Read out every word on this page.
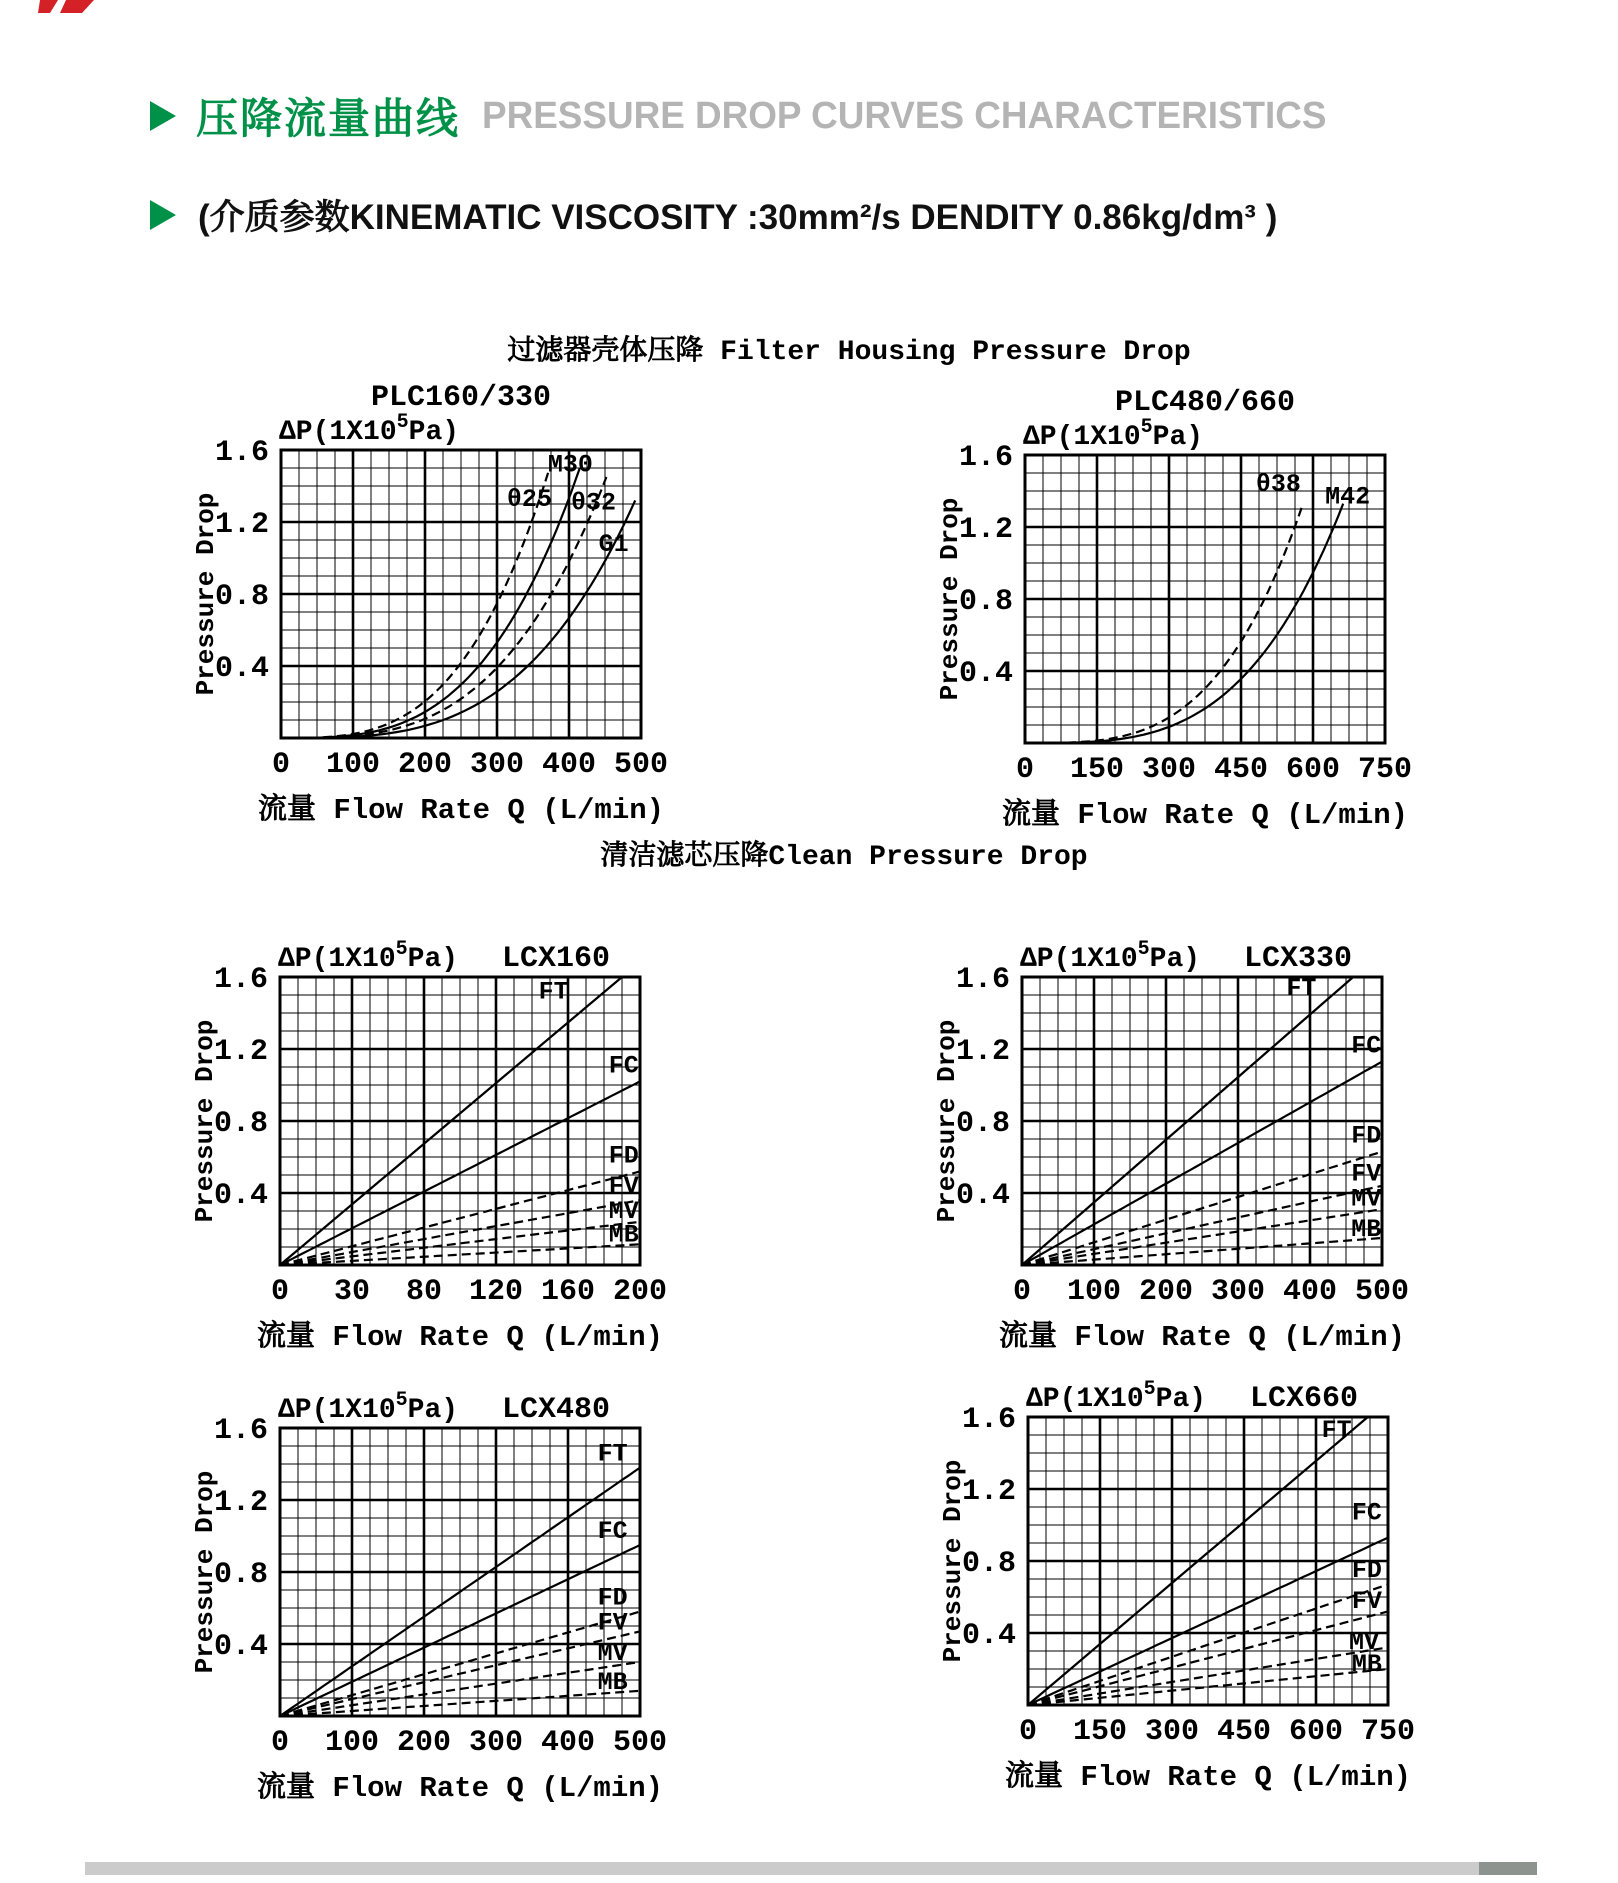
压降流量曲线 PRESSURE DROP CURVES CHARACTERISTICS
(介质参数KINEMATIC VISCOSITY :30mm²/s DENDITY 0.86kg/dm³ )
过滤器壳体压降 Filter Housing Pressure Drop
清洁滤芯压降Clean Pressure Drop
θ25
M30
θ32
G1
PLC160/330
$\Delta P(1X10^5Pa)$
0.4
0.8
1.2
1.6
0 100 200 300 400 500
Pressure Drop
流量 Flow Rate Q (L/min)
θ38 M42
PLC480/660
$\Delta P(1X10^5Pa)$
0.4
0.8
1.2
1.6
0 150 300 450 600 750
Pressure Drop
流量 Flow Rate Q (L/min)
FT
FC
FD
FV
MV
MB
$\Delta P(1X10^5Pa)$ LCX160
0.4
0.8
1.2
1.6
0 30 80 120 160 200
Pressure Drop
流量 Flow Rate Q (L/min)
FT
FC
FD
FV
MV
MB
$\Delta P(1X10^5Pa)$ LCX330
0.4
0.8
1.2
1.6
0 100 200 300 400 500
Pressure Drop
流量 Flow Rate Q (L/min)
FT
FC
FD
FV
MV
MB
$\Delta P(1X10^5Pa)$ LCX480
0.4
0.8
1.2
1.6
0 100 200 300 400 500
Pressure Drop
流量 Flow Rate Q (L/min)
FT
FC
FD
FV
MV
MB
$\Delta P(1X10^5Pa)$ LCX660
0.4
0.8
1.2
1.6
0 150 300 450 600 750
Pressure Drop
流量 Flow Rate Q (L/min)
